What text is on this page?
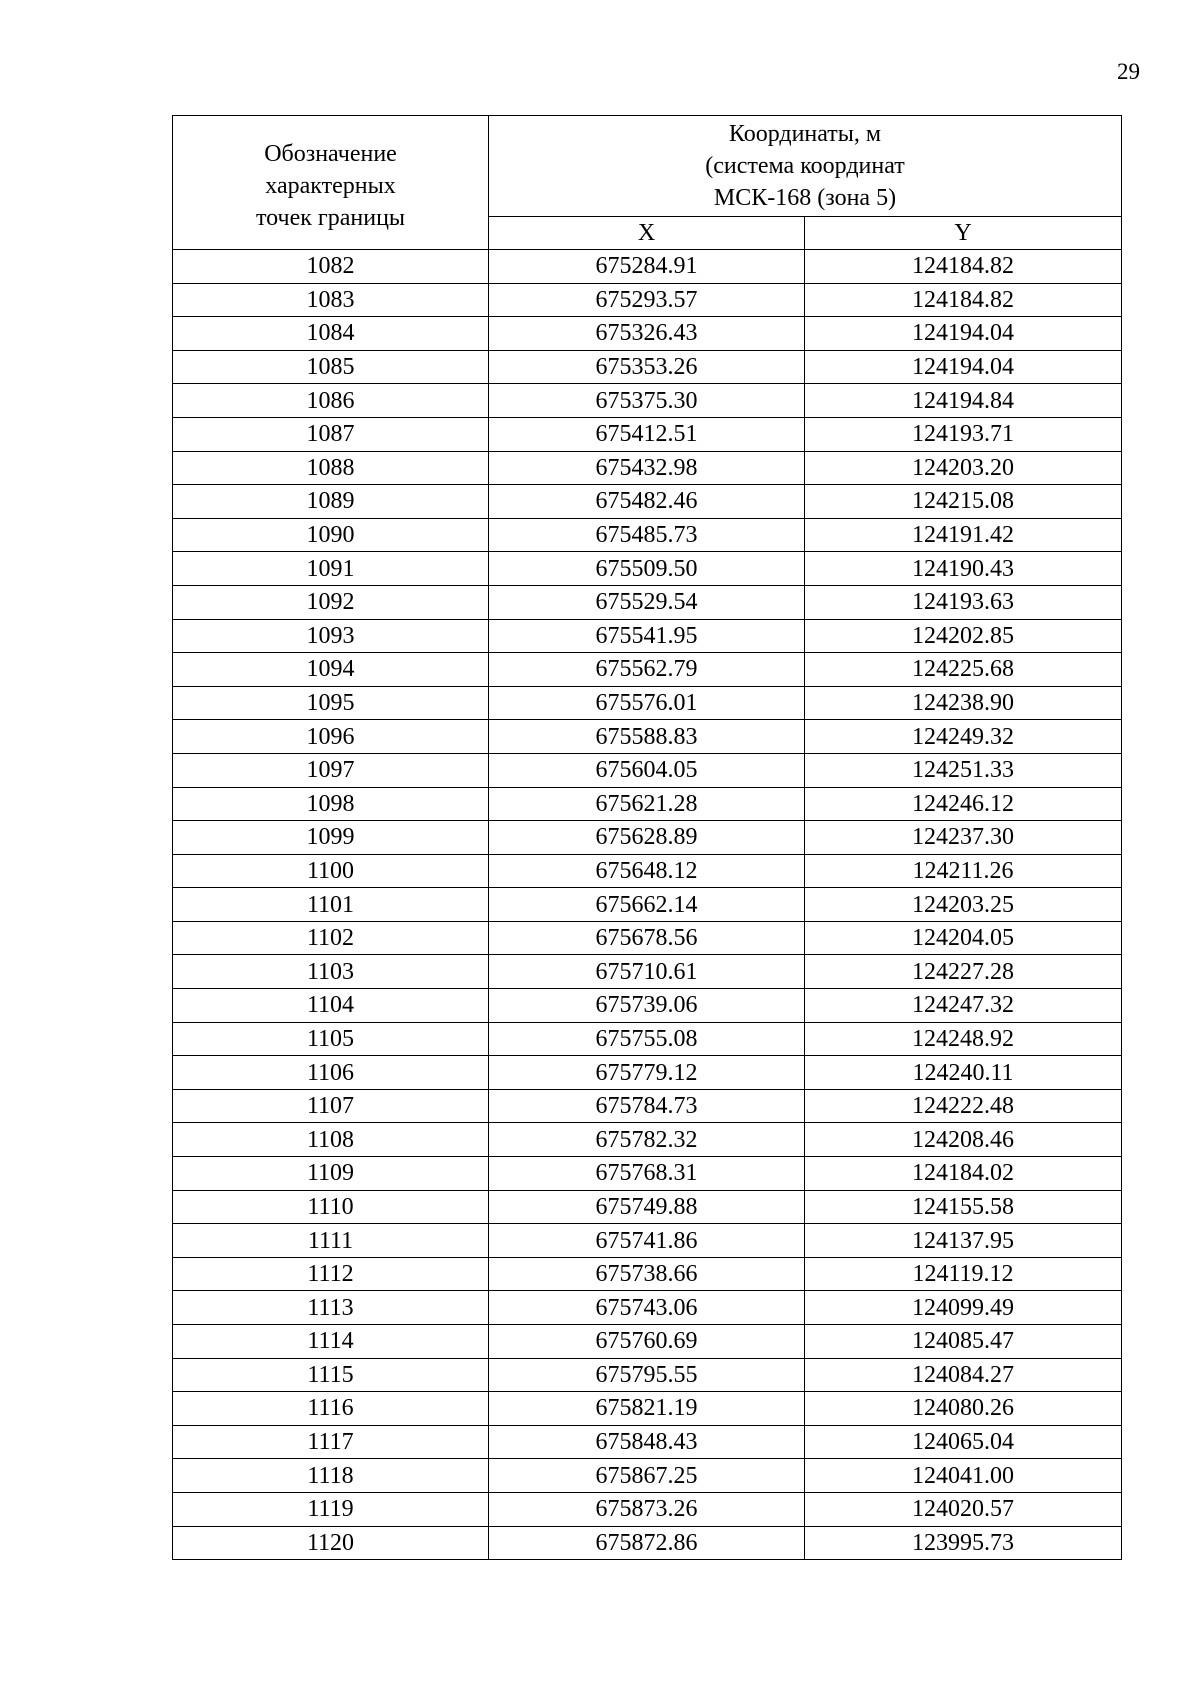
29
Обозначение
характерных
точек границы	Координаты, м
(система координат
МСК-168 (зона 5)	

	X	Y
1082	675284.91	124184.82
1083	675293.57	124184.82
1084	675326.43	124194.04
1085	675353.26	124194.04
1086	675375.30	124194.84
1087	675412.51	124193.71
1088	675432.98	124203.20
1089	675482.46	124215.08
1090	675485.73	124191.42
1091	675509.50	124190.43
1092	675529.54	124193.63
1093	675541.95	124202.85
1094	675562.79	124225.68
1095	675576.01	124238.90
1096	675588.83	124249.32
1097	675604.05	124251.33
1098	675621.28	124246.12
1099	675628.89	124237.30
1100	675648.12	124211.26
1101	675662.14	124203.25
1102	675678.56	124204.05
1103	675710.61	124227.28
1104	675739.06	124247.32
1105	675755.08	124248.92
1106	675779.12	124240.11
1107	675784.73	124222.48
1108	675782.32	124208.46
1109	675768.31	124184.02
1110	675749.88	124155.58
1111	675741.86	124137.95
1112	675738.66	124119.12
1113	675743.06	124099.49
1114	675760.69	124085.47
1115	675795.55	124084.27
1116	675821.19	124080.26
1117	675848.43	124065.04
1118	675867.25	124041.00
1119	675873.26	124020.57
1120	675872.86	123995.73
